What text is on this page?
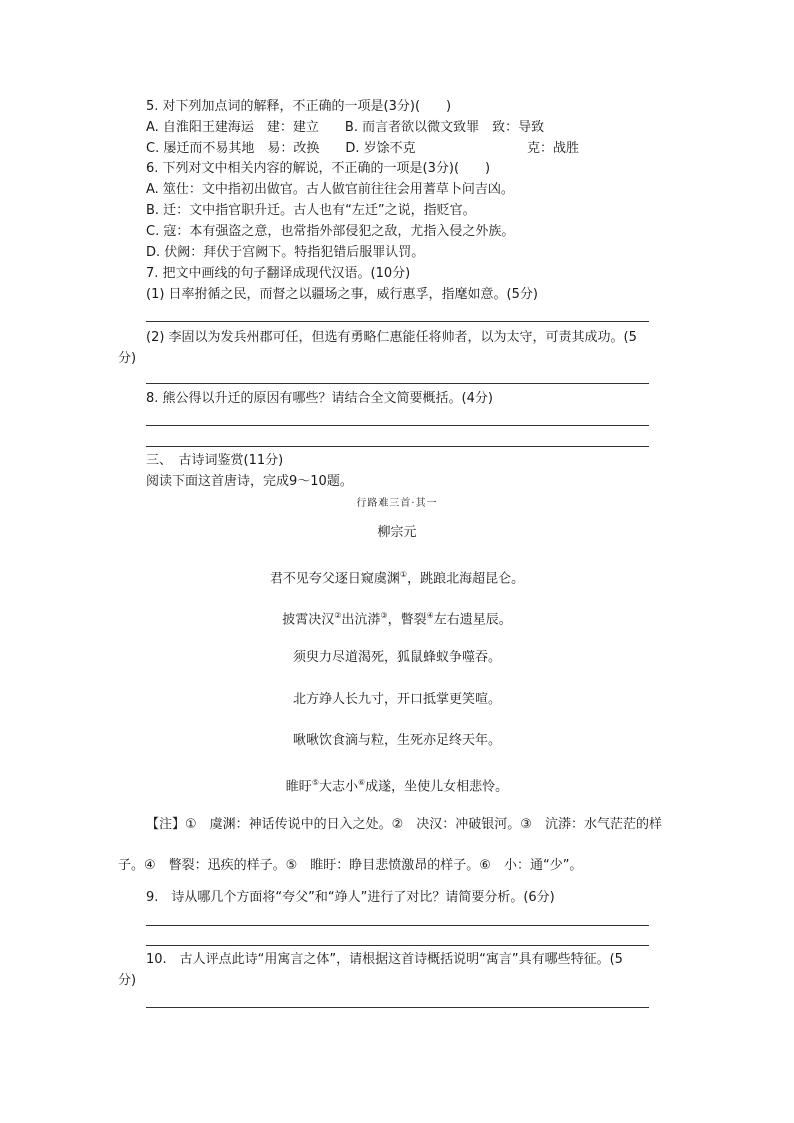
5. 对下列加点词的解释，不正确的一项是(3分)(　　)
A. 自淮阳王建海运　建：建立　　B. 而言者欲以微文致罪　致：导致
C. 屡迁而不易其地　易：改换　　D. 岁馀不克	克：战胜
6. 下列对文中相关内容的解说，不正确的一项是(3分)(　　)
A. 筮仕：文中指初出做官。古人做官前往往会用蓍草卜问吉凶。
B. 迁：文中指官职升迁。古人也有“左迁”之说，指贬官。
C. 寇：本有强盗之意，也常指外部侵犯之敌，尤指入侵之外族。
D. 伏阙：拜伏于宫阙下。特指犯错后服罪认罚。
7. 把文中画线的句子翻译成现代汉语。(10分)
(1) 日率拊循之民，而督之以疆场之事，威行惠孚，指麾如意。(5分)
(2) 李固以为发兵州郡可任，但选有勇略仁惠能任将帅者，以为太守，可责其成功。(5
分)
8. 熊公得以升迁的原因有哪些？请结合全文简要概括。(4分)
三、　古诗词鉴赏(11分)
阅读下面这首唐诗，完成9～10题。
行路难三首·其一
柳宗元
君不见夸父逐日窥虞渊①，跳踉北海超昆仑。
披霄决汉②出沆漭③，瞥裂④左右遗星辰。
须臾力尽道渴死，狐鼠蜂蚁争噬吞。
北方竫人长九寸，开口抵掌更笑喧。
啾啾饮食滴与粒，生死亦足终天年。
睢盱⑤大志小⑥成遂，坐使儿女相悲怜。
【注】①　虞渊：神话传说中的日入之处。②　决汉：冲破银河。③　沆漭：水气茫茫的样
子。④　瞥裂：迅疾的样子。⑤　睢盱：睁目悲愤激昂的样子。⑥　小：通“少”。
9.　诗从哪几个方面将“夸父”和“竫人”进行了对比？请简要分析。(6分)
10.　古人评点此诗“用寓言之体”，请根据这首诗概括说明“寓言”具有哪些特征。(5
分)
